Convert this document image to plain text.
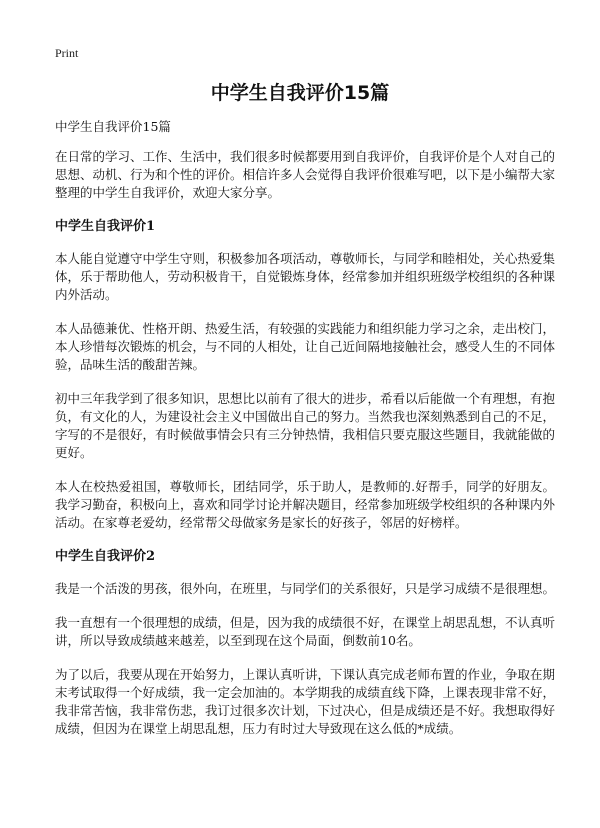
Print
中学生自我评价15篇
中学生自我评价15篇

在日常的学习、工作、生活中，我们很多时候都要用到自我评价，自我评价是个人对自己的思想、动机、行为和个性的评价。相信许多人会觉得自我评价很难写吧，以下是小编帮大家整理的中学生自我评价，欢迎大家分享。

中学生自我评价1

本人能自觉遵守中学生守则，积极参加各项活动，尊敬师长，与同学和睦相处，关心热爱集体，乐于帮助他人，劳动积极肯干，自觉锻炼身体，经常参加并组织班级学校组织的各种课内外活动。

本人品德兼优、性格开朗、热爱生活，有较强的实践能力和组织能力学习之余，走出校门，本人珍惜每次锻炼的机会，与不同的人相处，让自己近间隔地接触社会，感受人生的不同体验，品味生活的酸甜苦辣。

初中三年我学到了很多知识，思想比以前有了很大的进步，希看以后能做一个有理想，有抱负，有文化的人，为建设社会主义中国做出自己的努力。当然我也深刻熟悉到自己的不足，字写的不是很好，有时候做事情会只有三分钟热情，我相信只要克服这些题目，我就能做的更好。

本人在校热爱祖国，尊敬师长，团结同学，乐于助人，是教师的.好帮手，同学的好朋友。我学习勤奋，积极向上，喜欢和同学讨论并解决题目，经常参加班级学校组织的各种课内外活动。在家尊老爱幼，经常帮父母做家务是家长的好孩子，邻居的好榜样。

中学生自我评价2

我是一个活泼的男孩，很外向，在班里，与同学们的关系很好，只是学习成绩不是很理想。

我一直想有一个很理想的成绩，但是，因为我的成绩很不好，在课堂上胡思乱想，不认真听讲，所以导致成绩越来越差，以至到现在这个局面，倒数前10名。

为了以后，我要从现在开始努力，上课认真听讲，下课认真完成老师布置的作业，争取在期末考试取得一个好成绩，我一定会加油的。本学期我的成绩直线下降，上课表现非常不好，我非常苦恼，我非常伤悲，我订过很多次计划，下过决心，但是成绩还是不好。我想取得好成绩，但因为在课堂上胡思乱想，压力有时过大导致现在这么低的*成绩。
